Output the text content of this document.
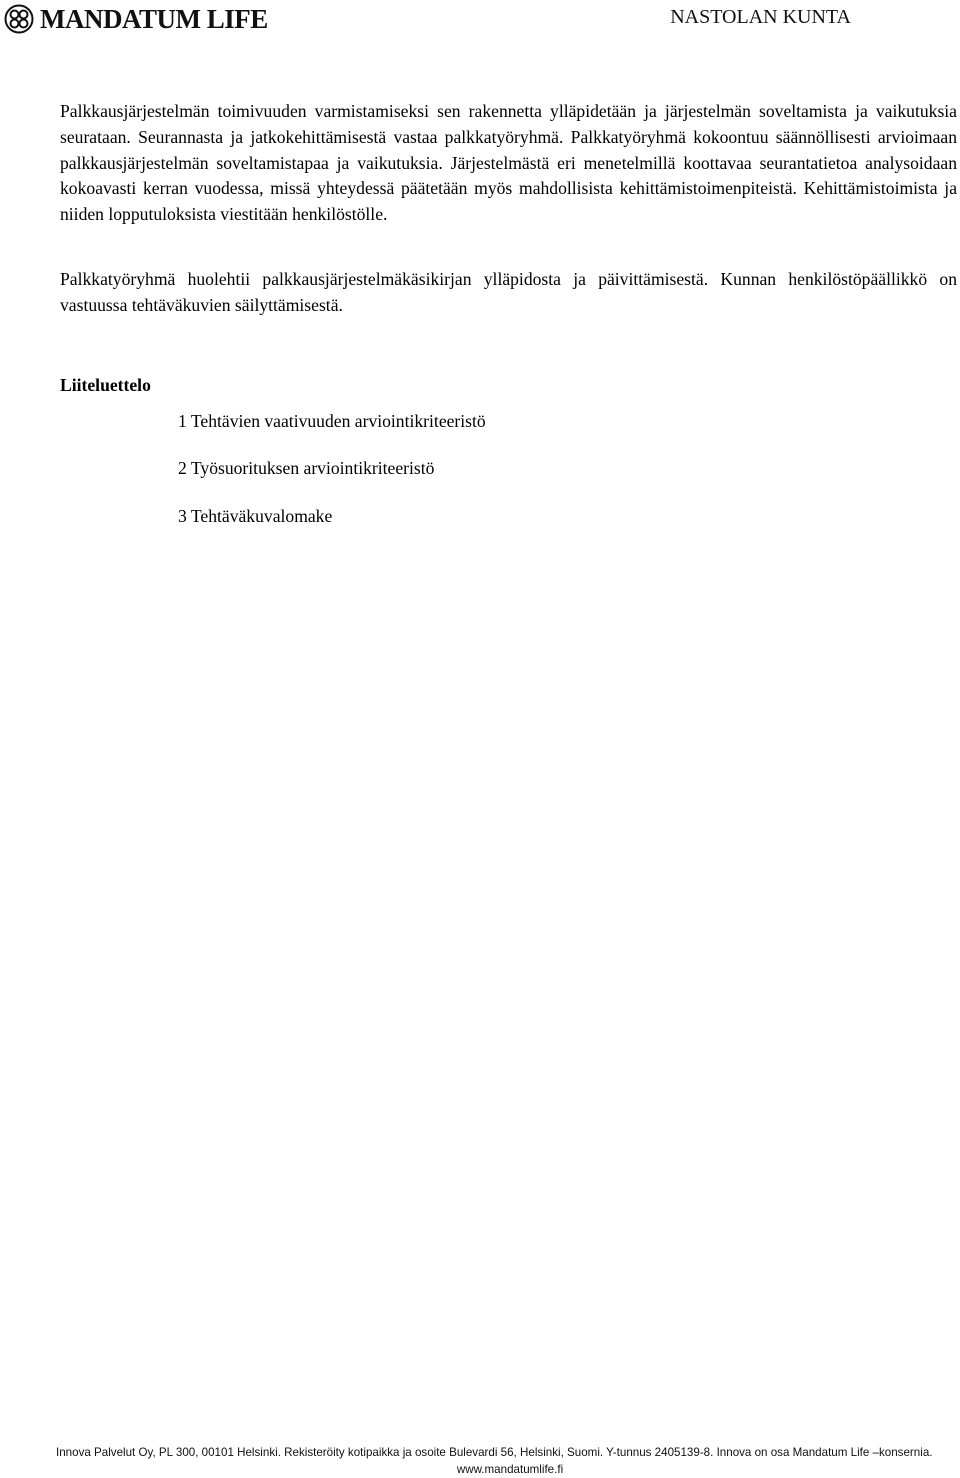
MANDATUM LIFE	NASTOLAN KUNTA

Palkkausjärjestelmän toimivuuden varmistamiseksi sen rakennetta ylläpidetään ja järjestelmän soveltamista ja vaikutuksia seurataan. Seurannasta ja jatkokehittämisestä vastaa palkkatyöryhmä. Palkkatyöryhmä kokoontuu säännöllisesti arvioimaan palkkausjärjestelmän soveltamistapaa ja vaikutuksia. Järjestelmästä eri menetelmillä koottavaa seurantatietoa analysoidaan kokoavasti kerran vuodessa, missä yhteydessä päätetään myös mahdollisista kehittämistoimenpiteistä. Kehittämistoimista ja niiden lopputuloksista viestitään henkilöstölle.

Palkkatyöryhmä huolehtii palkkausjärjestelmäkäsikirjan ylläpidosta ja päivittämisestä. Kunnan henkilöstöpäällikkö on vastuussa tehtäväkuvien säilyttämisestä.

Liiteluettelo
1 Tehtävien vaativuuden arviointikriteeristö
2 Työsuorituksen arviointikriteeristö
3 Tehtäväkuvalomake
Innova Palvelut Oy, PL 300, 00101 Helsinki. Rekisteröity kotipaikka ja osoite Bulevardi 56, Helsinki, Suomi. Y-tunnus 2405139-8. Innova on osa Mandatum Life –konsernia.
www.mandatumlife.fi
